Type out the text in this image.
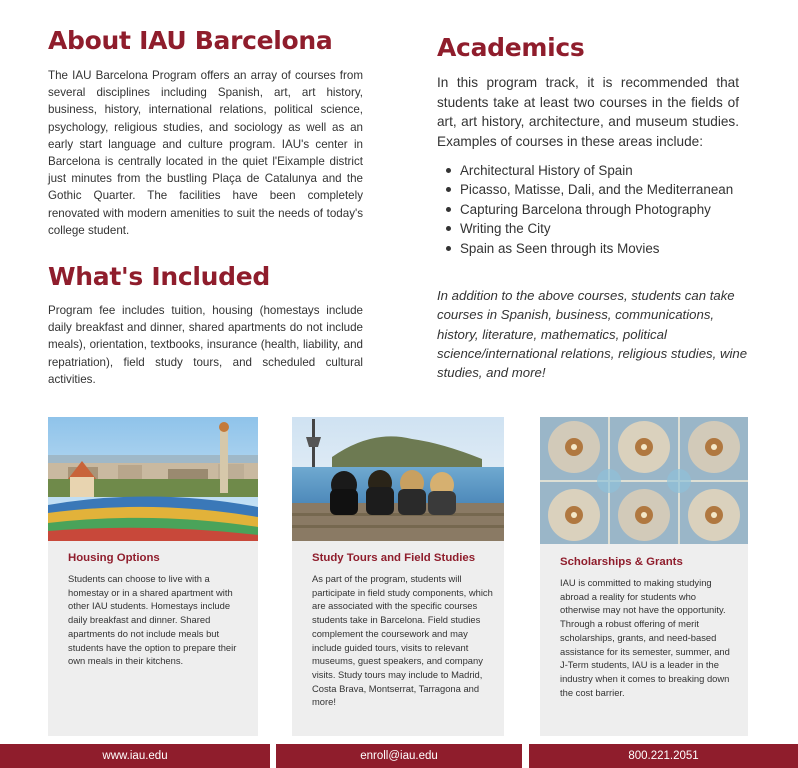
About IAU Barcelona

The IAU Barcelona Program offers an array of courses from several disciplines including Spanish, art, art history, business, history, international relations, political science, psychology, religious studies, and sociology as well as an early start language and culture program. IAU's center in Barcelona is centrally located in the quiet l'Eixample district just minutes from the bustling Plaça de Catalunya and the Gothic Quarter. The facilities have been completely renovated with modern amenities to suit the needs of today's college student.

What's Included

Program fee includes tuition, housing (homestays include daily breakfast and dinner, shared apartments do not include meals), orientation, textbooks, insurance (health, liability, and repatriation), field study tours, and scheduled cultural activities.

Academics

In this program track, it is recommended that students take at least two courses in the fields of art, art history, architecture, and museum studies. Examples of courses in these areas include:

Architectural History of Spain
Picasso, Matisse, Dali, and the Mediterranean
Capturing Barcelona through Photography
Writing the City
Spain as Seen through its Movies

In addition to the above courses, students can take courses in Spanish, business, communications, history, literature, mathematics, political science/international relations, religious studies, wine studies, and more!

Housing Options

Students can choose to live with a homestay or in a shared apartment with other IAU students. Homestays include daily breakfast and dinner. Shared apartments do not include meals but students have the option to prepare their own meals in their kitchens.

Study Tours and Field Studies

As part of the program, students will participate in field study components, which are associated with the specific courses students take in Barcelona. Field studies complement the coursework and may include guided tours, visits to relevant museums, guest speakers, and company visits. Study tours may include to Madrid, Costa Brava, Montserrat, Tarragona and more!

Scholarships & Grants

IAU is committed to making studying abroad a reality for students who otherwise may not have the opportunity. Through a robust offering of merit scholarships, grants, and need-based assistance for its semester, summer, and J-Term students, IAU is a leader in the industry when it comes to breaking down the cost barrier.

www.iau.edu	enroll@iau.edu	800.221.2051
